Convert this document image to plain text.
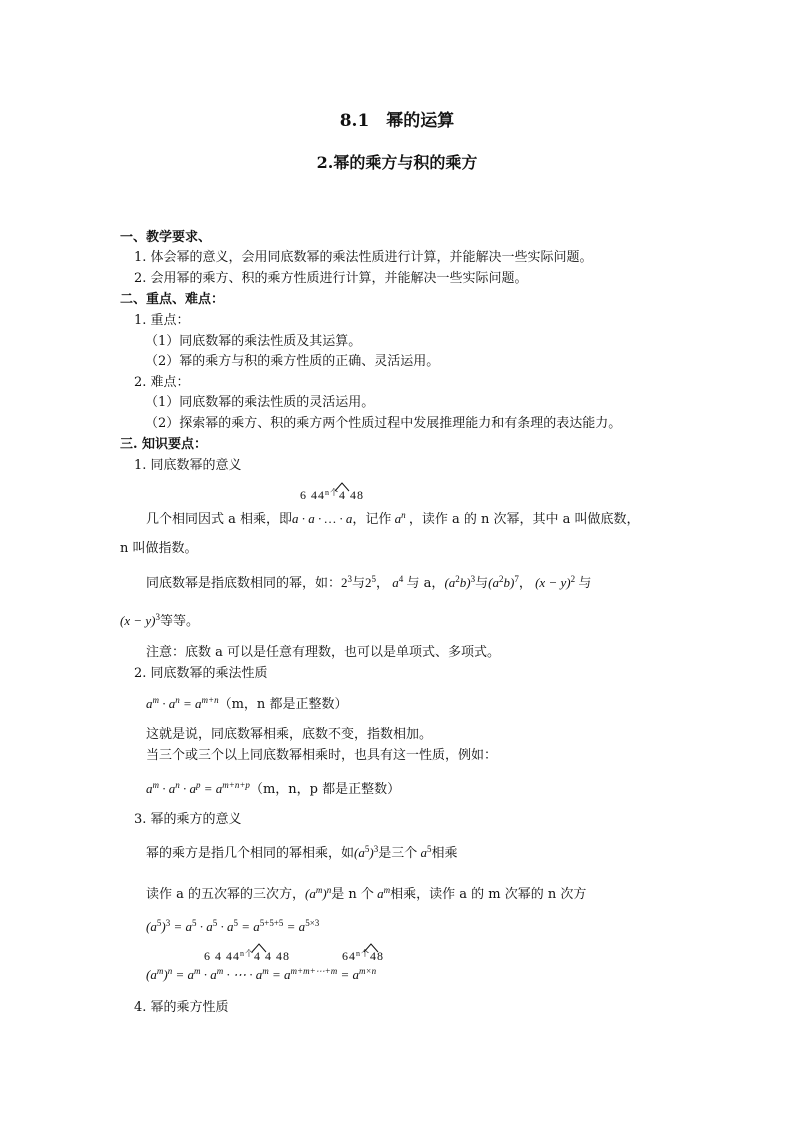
8.1　幂的运算
2.幂的乘方与积的乘方
一、教学要求、
1. 体会幂的意义，会用同底数幂的乘法性质进行计算，并能解决一些实际问题。
2. 会用幂的乘方、积的乘方性质进行计算，并能解决一些实际问题。
二、重点、难点：
1. 重点：
（1）同底数幂的乘法性质及其运算。
（2）幂的乘方与积的乘方性质的正确、灵活运用。
2. 难点：
（1）同底数幂的乘法性质的灵活运用。
（2）探索幂的乘方、积的乘方两个性质过程中发展推理能力和有条理的表达能力。
三. 知识要点：
1. 同底数幂的意义
6 $44^{n个}4$ 48
几个相同因式 a 相乘，即a · a · … · a，记作 $a^n$ ，读作 a 的 n 次幂，其中 a 叫做底数，
n 叫做指数。
同底数幂是指底数相同的幂，如：$2^3$与$2^5$， $a^4$ 与 a，$(a^2b)^3$与$(a^2b)^7$， $(x - y)^2$ 与
$(x - y)^3$等等。
注意：底数 a 可以是任意有理数，也可以是单项式、多项式。
2. 同底数幂的乘法性质
$a^m \cdot a^n = a^{m+n}(m$，n 都是正整数）
这就是说，同底数幂相乘，底数不变，指数相加。
当三个或三个以上同底数幂相乘时，也具有这一性质，例如：
$a^m \cdot a^n \cdot a^p = a^{m+n+p}(m$，n，p 都是正整数）
3. 幂的乘方的意义
幂的乘方是指几个相同的幂相乘，如$(a^5)^3$是三个 $a^5$相乘
读作 a 的五次幂的三次方，$(a^m)^n$是 n 个 $a^m$相乘，读作 a 的 m 次幂的 n 次方
$(a^5)^3 = a^5 \cdot a^5 \cdot a^5 = a^{5+5+5} = a^{5\times 3}$
6 4 $44^{n个}4$ 4 48	$64^{n个}48$
$(a^m)^n = a^m \cdot a^m$ · ⋯ · $a^m = a^{m+m+\cdots+m} = a^{m\times n}$
4. 幂的乘方性质
